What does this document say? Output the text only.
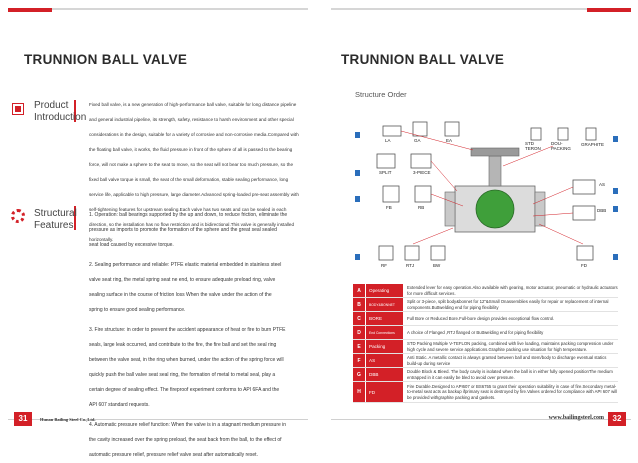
TRUNNION BALL VALVE
Product
Introduction
Fixed ball valve, is a new generation of high-performance ball valve, suitable for long distance pipeline
and general industrial pipeline, its strength, safety, resistance to harsh environment and other special
considerations in the design, suitable for a variety of corrosive and non-corrosive media.Compared with
the floating ball valve, it works, the fluid pressure in front of the sphere of all is passed to the bearing
force, will not make a sphere to the seat to move, so the seat will not bear too much pressure, so the
fixed ball valve torque is small, the seat of the small deformation, stable sealing performance, long
service life, applicable to high pressure, large diameter.Advanced spring-loaded pre-seat assembly with
self-tightening features for upstream sealing.Each valve has two seats and can be sealed in each
direction, so the installation has no flow restriction and is bidirectional.This valve is generally installed
horizontally.
Structural
Features
1. Operation: ball bearings supported by the up and down, to reduce friction, eliminate the
pressure as imports to promote the formation of the sphere and the great seal sealed
seat load caused by excessive torque.
2. Sealing performance and reliable: PTFE elastic material embedded in stainless steel
valve seat ring, the metal spring seat ne end, to ensure adequate preload ring, valve
sealing surface in the course of friction loss When the valve under the action of the
spring to ensure good sealing performance.
3. Fire structure: in order to prevent the accident appearance of heat or fire to burn PTFE
seals, large leak occurred, and contribute to the fire, the fire ball and set the seal ring
between the valve seat, in the ring when burned, under the action of the spring force will
quickly push the ball valve seat seal ring, the formation of metal to metal seal, play a
certain degree of sealing effect. The fireproof experiment conforms to API 6FA and the
API 607 standard requests.
4. Automatic pressure relief function: When the valve is in a stagnant medium pressure in
the cavity increased over the spring preload, the seat back from the ball, to the effect of
automatic pressure relief, pressure relief valve seat after automatically reset.
31	Hunan Bailing Steel Co.,Ltd.
TRUNNION BALL VALVE
Structure Order
LA	GA	EA
STD
TERON
DOU-
PACKING
GRAPHITE
SPLIT	3-PIECE
FB	RB
AS
DBB
RF	RTJ	BW	FD
A	Operating	Extended lever for easy operation.Also available with gearing, motor actuator, pneumatic or hydraulic actuators for more difficult services.
B	BODY&BONNET	Split or 3-piece, split body&bonnet for 12"&Small Onassemblies easily for repair or replacement of internal components.Buttwelding end for piping flexibility
C	BORE	Full Bore or Reduced Bore.Full-bore design provides exceptional flow control.
D	End Connections	A choice of Flanged ,RTJ flanged or Buttwelding end for piping flexibility
E	Packing	STD Packing Multiple V-TEFLON packing, combined with live loading, maintains packing compression under high cycle and severe service applications.Graphite packing use situation for high temperature.
F	AS	Anti Static. A metallic contact is always granted between ball and stem/body to discharge eventual statics build-up during service
G	DBB	Double Block & Bleed. The body cavity is isolated when the ball is in either fully opened positionThe medium entrapped in it can easily be bled to avoid over pressure.
H	FD	Fire Durable.Designed to API607 or BS6755 to grant their operation suitability in case of fire.Secondary metal-to-metal seat acts as backup ifprimary seat is destroyed by fire.Valves ordered for compliance with API 607 will be provided withgraphite packing and gaskets.
32
www.bailingsteel.com
